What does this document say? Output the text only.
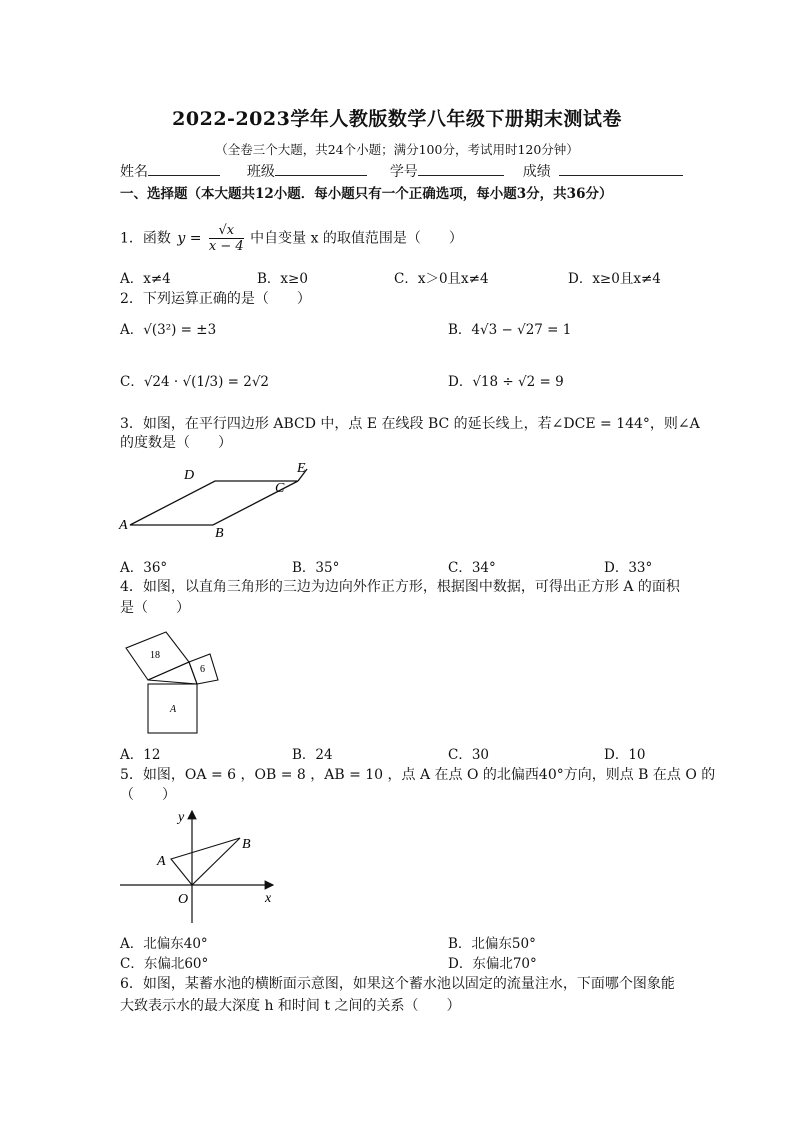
2022-2023学年人教版数学八年级下册期末测试卷
（全卷三个大题，共24个小题；满分100分，考试用时120分钟）
姓名	班级	学号	成绩
一、选择题（本大题共12小题．每小题只有一个正确选项，每小题3分，共36分）
1．函数 $y = \frac{√x}{x - 4}$ 中自变量 x 的取值范围是（　　）
A．x≠4	B．x≥0	C．x＞0且x≠4	D．x≥0且x≠4
2．下列运算正确的是（　　）
A．√(3²) = ±3	B．4√3 − √27 = 1
C．√24 · √(1/3) = 2√2	D．√18 ÷ √2 = 9
3．如图，在平行四边形 ABCD 中，点 E 在线段 BC 的延长线上，若∠DCE = 144°，则∠A
的度数是（　　）
D
C
E
A
B
A．36°	B．35°	C．34°	D．33°
4．如图，以直角三角形的三边为边向外作正方形，根据图中数据，可得出正方形 A 的面积
是（　　）
18
6
A
A．12	B．24	C．30	D．10
5．如图，OA = 6 ，OB = 8 ，AB = 10 ，点 A 在点 O 的北偏西40°方向，则点 B 在点 O 的
（　　）
y
x
O
A
B
A．北偏东40°	B．北偏东50°
C．东偏北60°	D．东偏北70°
6．如图，某蓄水池的横断面示意图，如果这个蓄水池以固定的流量注水，下面哪个图象能
大致表示水的最大深度 h 和时间 t 之间的关系（　　）
